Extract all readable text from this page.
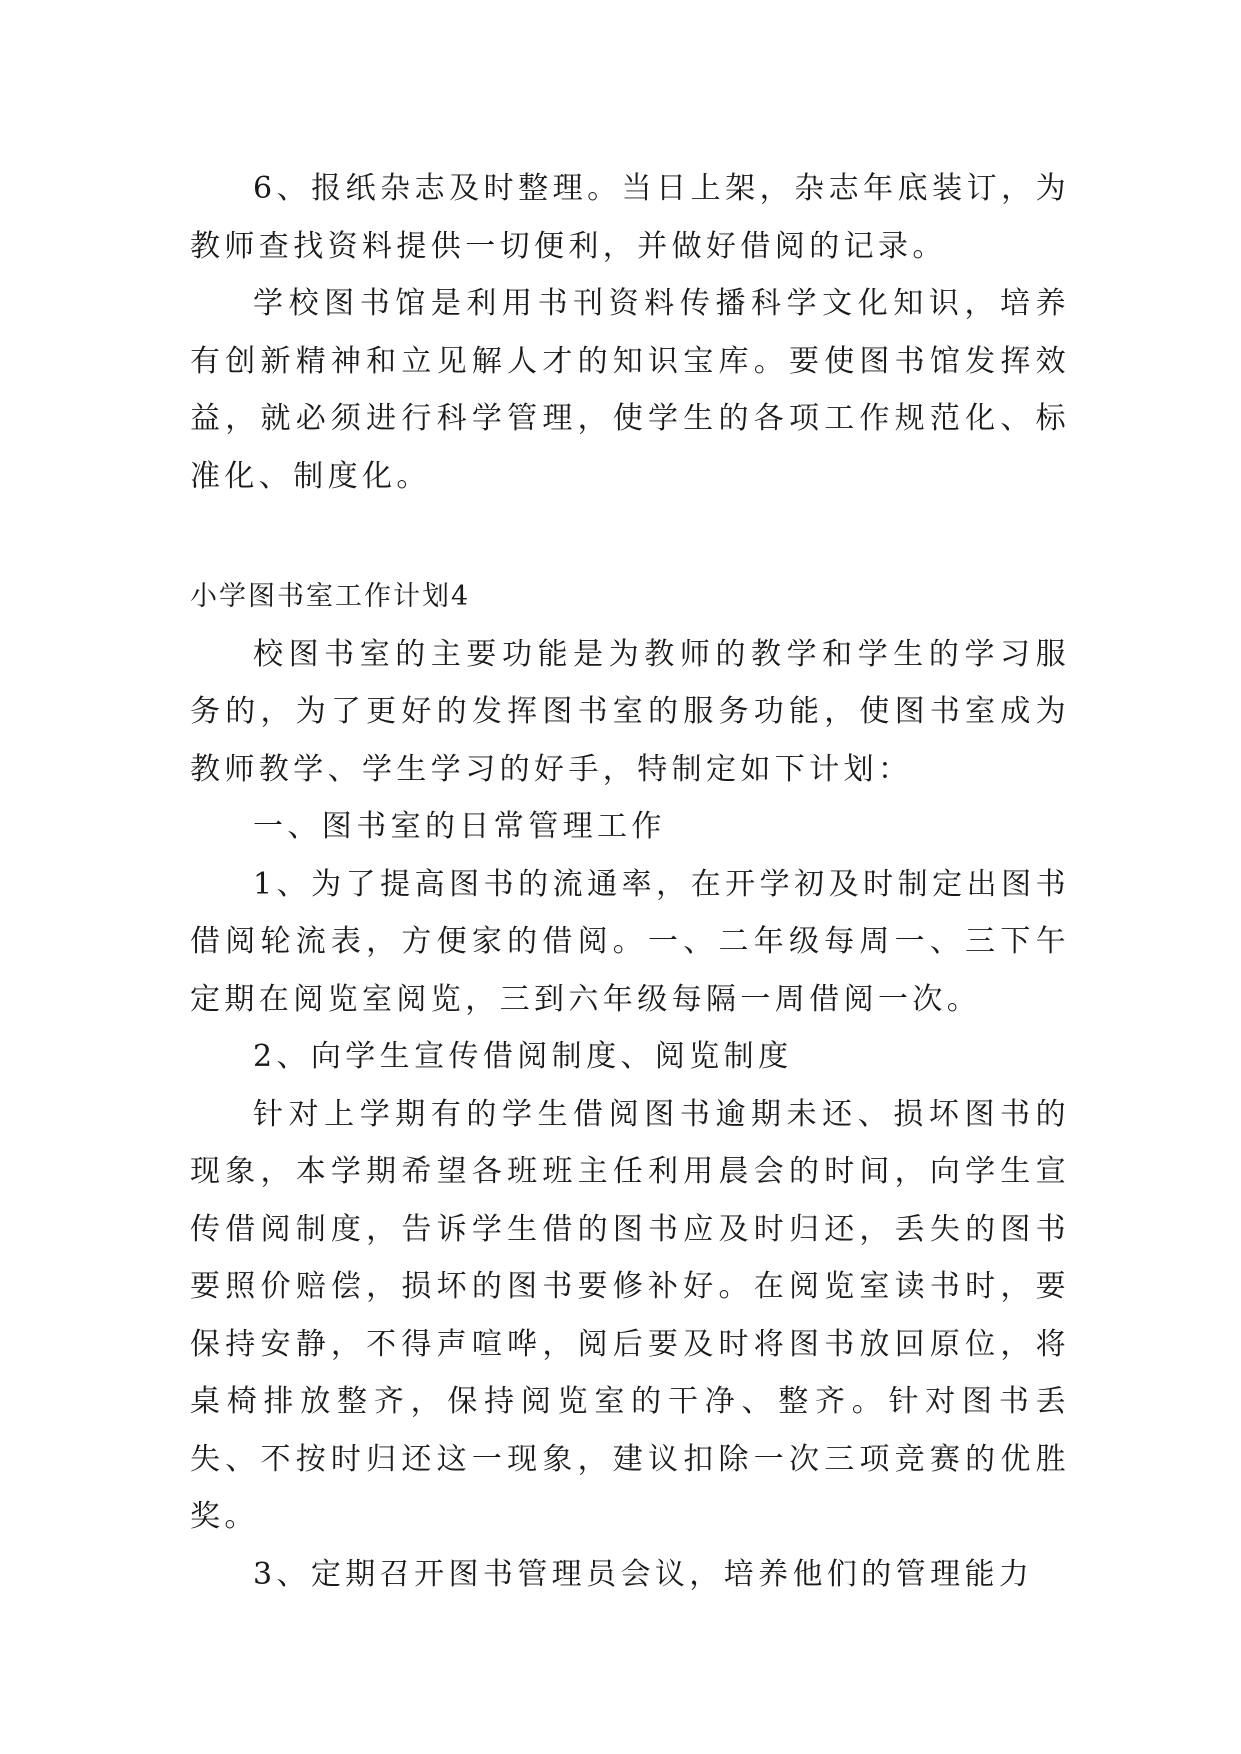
6、报纸杂志及时整理。当日上架，杂志年底装订，为教师查找资料提供一切便利，并做好借阅的记录。

学校图书馆是利用书刊资料传播科学文化知识，培养有创新精神和立见解人才的知识宝库。要使图书馆发挥效益，就必须进行科学管理，使学生的各项工作规范化、标准化、制度化。

小学图书室工作计划4

校图书室的主要功能是为教师的教学和学生的学习服务的，为了更好的发挥图书室的服务功能，使图书室成为教师教学、学生学习的好手，特制定如下计划：

一、图书室的日常管理工作

1、为了提高图书的流通率，在开学初及时制定出图书借阅轮流表，方便家的借阅。一、二年级每周一、三下午定期在阅览室阅览，三到六年级每隔一周借阅一次。

2、向学生宣传借阅制度、阅览制度

针对上学期有的学生借阅图书逾期未还、损坏图书的现象，本学期希望各班班主任利用晨会的时间，向学生宣传借阅制度，告诉学生借的图书应及时归还，丢失的图书要照价赔偿，损坏的图书要修补好。在阅览室读书时，要保持安静，不得声喧哗，阅后要及时将图书放回原位，将桌椅排放整齐，保持阅览室的干净、整齐。针对图书丢失、不按时归还这一现象，建议扣除一次三项竞赛的优胜奖。

3、定期召开图书管理员会议，培养他们的管理能力
